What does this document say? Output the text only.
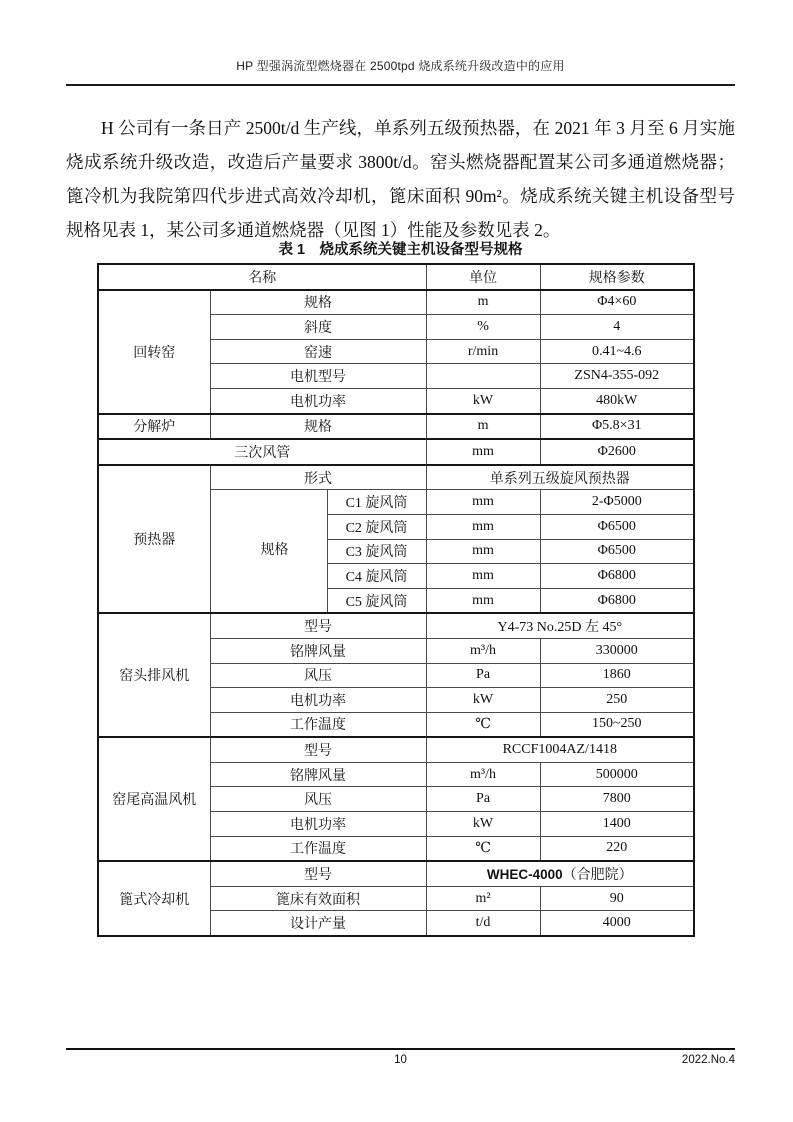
HP 型强涡流型燃烧器在 2500tpd 烧成系统升级改造中的应用

H 公司有一条日产 2500t/d 生产线，单系列五级预热器，在 2021 年 3 月至 6 月实施烧成系统升级改造，改造后产量要求 3800t/d。窑头燃烧器配置某公司多通道燃烧器；篦冷机为我院第四代步进式高效冷却机，篦床面积 90m²。烧成系统关键主机设备型号规格见表 1，某公司多通道燃烧器（见图 1）性能及参数见表 2。

表 1　烧成系统关键主机设备型号规格
名称			单位	规格参数
回转窑	规格		m	Φ4×60
	斜度		%	4
	窑速		r/min	0.41~4.6
	电机型号			ZSN4-355-092
	电机功率		kW	480kW
分解炉	规格		m	Φ5.8×31
三次风管			mm	Φ2600
预热器	形式		单系列五级旋风预热器	
	规格	C1 旋风筒	mm	2-Φ5000
		C2 旋风筒	mm	Φ6500
		C3 旋风筒	mm	Φ6500
		C4 旋风筒	mm	Φ6800
		C5 旋风筒	mm	Φ6800
窑头排风机	型号		Y4-73 No.25D 左 45°	
	铭牌风量		m³/h	330000
	风压		Pa	1860
	电机功率		kW	250
	工作温度		℃	150~250
窑尾高温风机	型号		RCCF1004AZ/1418	
	铭牌风量		m³/h	500000
	风压		Pa	7800
	电机功率		kW	1400
	工作温度		℃	220
篦式冷却机	型号		WHEC-4000（合肥院）	
	篦床有效面积		m²	90
	设计产量		t/d	4000
10	2022.No.4
